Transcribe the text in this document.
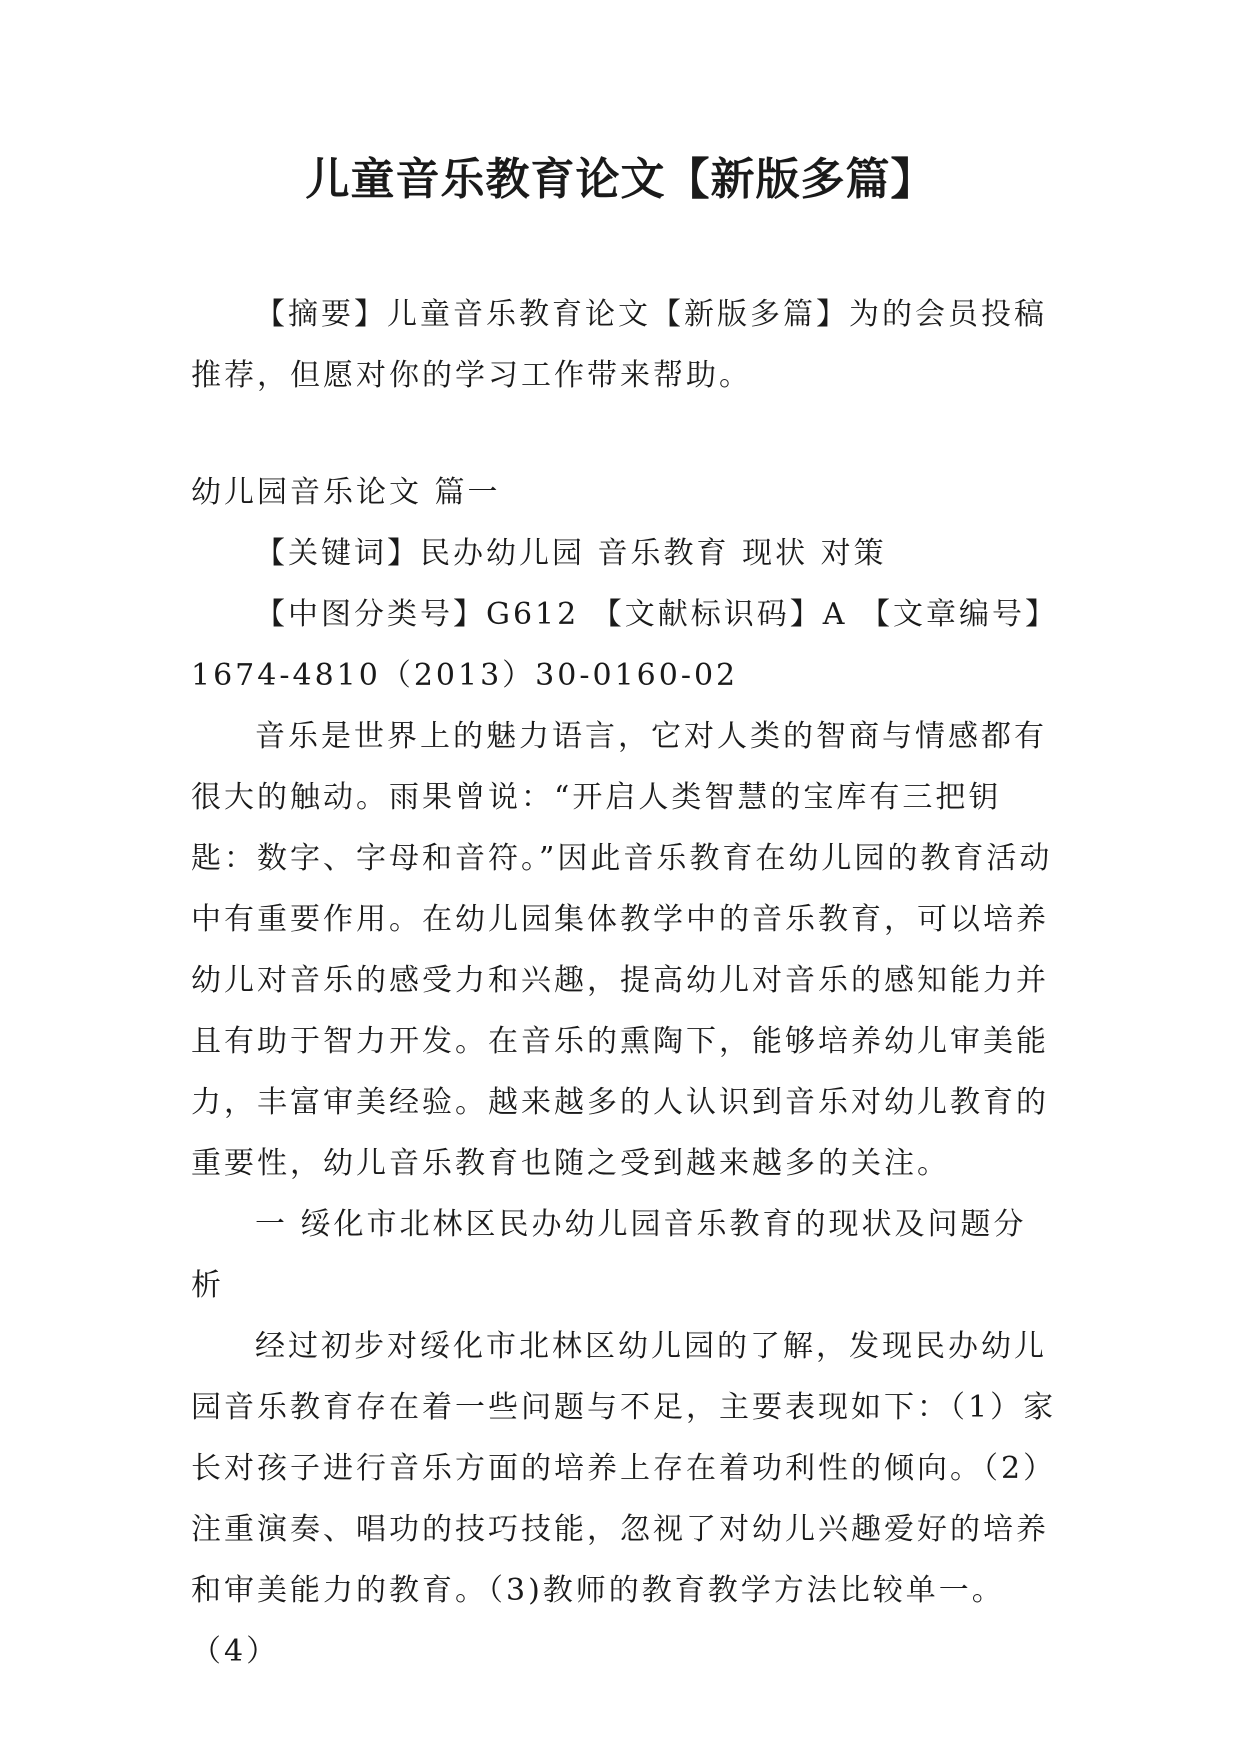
儿童音乐教育论文【新版多篇】

【摘要】儿童音乐教育论文【新版多篇】为的会员投稿推荐，但愿对你的学习工作带来帮助。

幼儿园音乐论文 篇一

【关键词】民办幼儿园 音乐教育 现状 对策

【中图分类号】G612 【文献标识码】A 【文章编号】1674-4810（2013）30-0160-02

音乐是世界上的魅力语言，它对人类的智商与情感都有很大的触动。雨果曾说：“开启人类智慧的宝库有三把钥匙：数字、字母和音符。”因此音乐教育在幼儿园的教育活动中有重要作用。在幼儿园集体教学中的音乐教育，可以培养幼儿对音乐的感受力和兴趣，提高幼儿对音乐的感知能力并且有助于智力开发。在音乐的熏陶下，能够培养幼儿审美能力，丰富审美经验。越来越多的人认识到音乐对幼儿教育的重要性，幼儿音乐教育也随之受到越来越多的关注。

一 绥化市北林区民办幼儿园音乐教育的现状及问题分析

经过初步对绥化市北林区幼儿园的了解，发现民办幼儿园音乐教育存在着一些问题与不足，主要表现如下：（1）家长对孩子进行音乐方面的培养上存在着功利性的倾向。（2）注重演奏、唱功的技巧技能，忽视了对幼儿兴趣爱好的培养和审美能力的教育。（3)教师的教育教学方法比较单一。（4）
